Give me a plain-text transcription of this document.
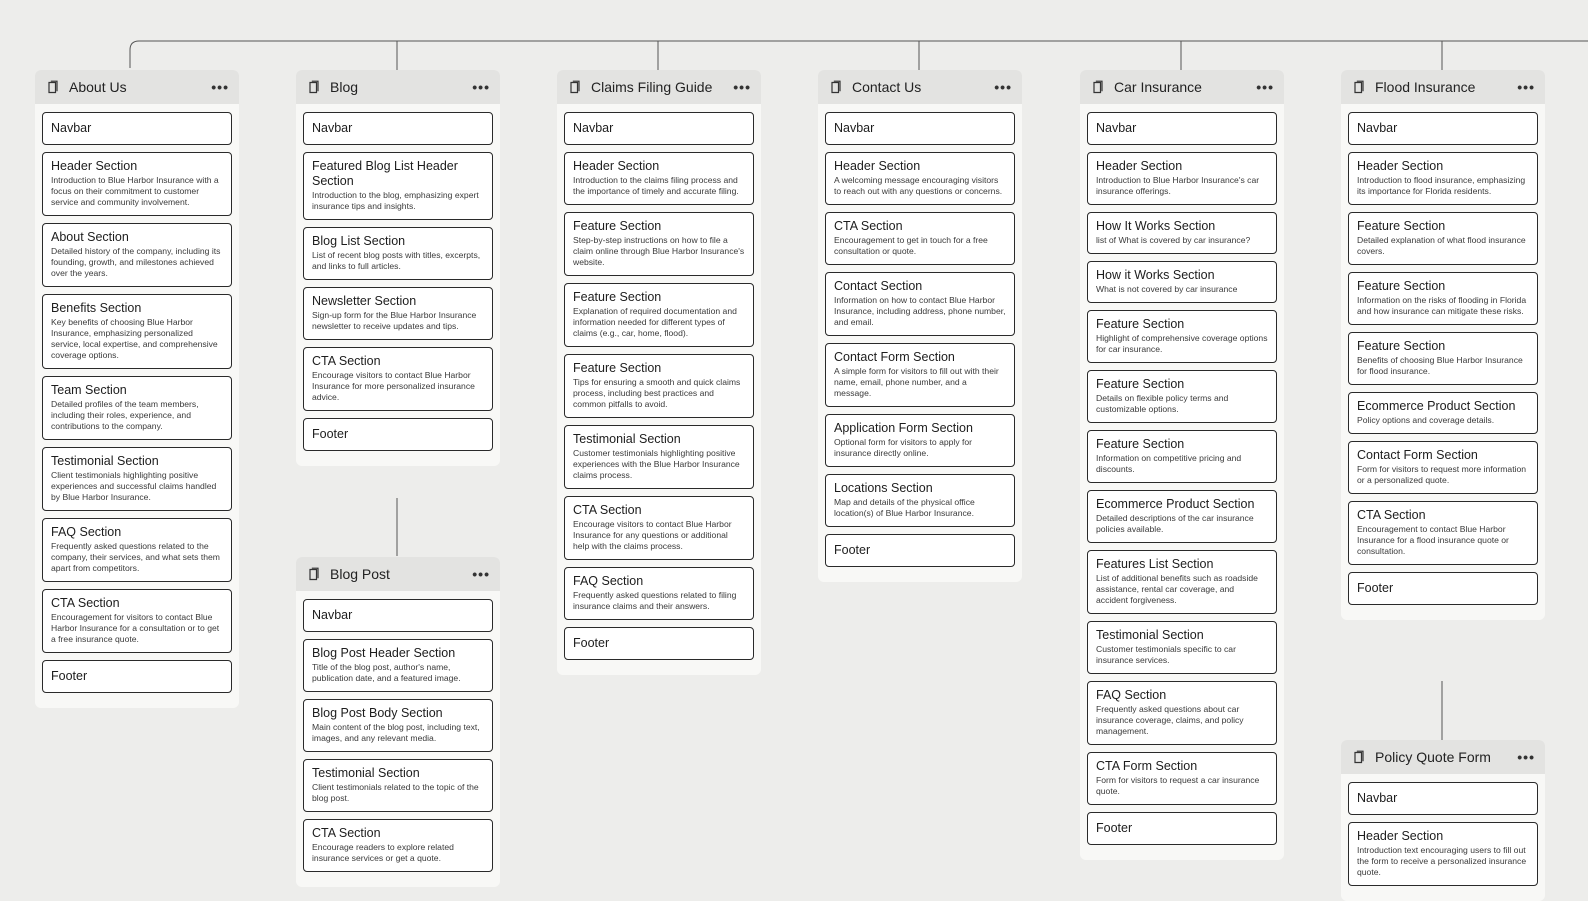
About Us	•••
Navbar
Header Section
Introduction to Blue Harbor Insurance with a focus on their commitment to customer service and community involvement.
About Section
Detailed history of the company, including its founding, growth, and milestones achieved over the years.
Benefits Section
Key benefits of choosing Blue Harbor Insurance, emphasizing personalized service, local expertise, and comprehensive coverage options.
Team Section
Detailed profiles of the team members, including their roles, experience, and contributions to the company.
Testimonial Section
Client testimonials highlighting positive experiences and successful claims handled by Blue Harbor Insurance.
FAQ Section
Frequently asked questions related to the company, their services, and what sets them apart from competitors.
CTA Section
Encouragement for visitors to contact Blue Harbor Insurance for a consultation or to get a free insurance quote.
Footer
Blog	•••
Navbar
Featured Blog List Header Section
Introduction to the blog, emphasizing expert insurance tips and insights.
Blog List Section
List of recent blog posts with titles, excerpts, and links to full articles.
Newsletter Section
Sign-up form for the Blue Harbor Insurance newsletter to receive updates and tips.
CTA Section
Encourage visitors to contact Blue Harbor Insurance for more personalized insurance advice.
Footer
Blog Post	•••
Navbar
Blog Post Header Section
Title of the blog post, author's name, publication date, and a featured image.
Blog Post Body Section
Main content of the blog post, including text, images, and any relevant media.
Testimonial Section
Client testimonials related to the topic of the blog post.
CTA Section
Encourage readers to explore related insurance services or get a quote.
Claims Filing Guide	•••
Navbar
Header Section
Introduction to the claims filing process and the importance of timely and accurate filing.
Feature Section
Step-by-step instructions on how to file a claim online through Blue Harbor Insurance's website.
Feature Section
Explanation of required documentation and information needed for different types of claims (e.g., car, home, flood).
Feature Section
Tips for ensuring a smooth and quick claims process, including best practices and common pitfalls to avoid.
Testimonial Section
Customer testimonials highlighting positive experiences with the Blue Harbor Insurance claims process.
CTA Section
Encourage visitors to contact Blue Harbor Insurance for any questions or additional help with the claims process.
FAQ Section
Frequently asked questions related to filing insurance claims and their answers.
Footer
Contact Us	•••
Navbar
Header Section
A welcoming message encouraging visitors to reach out with any questions or concerns.
CTA Section
Encouragement to get in touch for a free consultation or quote.
Contact Section
Information on how to contact Blue Harbor Insurance, including address, phone number, and email.
Contact Form Section
A simple form for visitors to fill out with their name, email, phone number, and a message.
Application Form Section
Optional form for visitors to apply for insurance directly online.
Locations Section
Map and details of the physical office location(s) of Blue Harbor Insurance.
Footer
Car Insurance	•••
Navbar
Header Section
Introduction to Blue Harbor Insurance's car insurance offerings.
How It Works Section
list of What is covered by car insurance?
How it Works Section
What is not covered by car insurance
Feature Section
Highlight of comprehensive coverage options for car insurance.
Feature Section
Details on flexible policy terms and customizable options.
Feature Section
Information on competitive pricing and discounts.
Ecommerce Product Section
Detailed descriptions of the car insurance policies available.
Features List Section
List of additional benefits such as roadside assistance, rental car coverage, and accident forgiveness.
Testimonial Section
Customer testimonials specific to car insurance services.
FAQ Section
Frequently asked questions about car insurance coverage, claims, and policy management.
CTA Form Section
Form for visitors to request a car insurance quote.
Footer
Flood Insurance	•••
Navbar
Header Section
Introduction to flood insurance, emphasizing its importance for Florida residents.
Feature Section
Detailed explanation of what flood insurance covers.
Feature Section
Information on the risks of flooding in Florida and how insurance can mitigate these risks.
Feature Section
Benefits of choosing Blue Harbor Insurance for flood insurance.
Ecommerce Product Section
Policy options and coverage details.
Contact Form Section
Form for visitors to request more information or a personalized quote.
CTA Section
Encouragement to contact Blue Harbor Insurance for a flood insurance quote or consultation.
Footer
Policy Quote Form	•••
Navbar
Header Section
Introduction text encouraging users to fill out the form to receive a personalized insurance quote.
